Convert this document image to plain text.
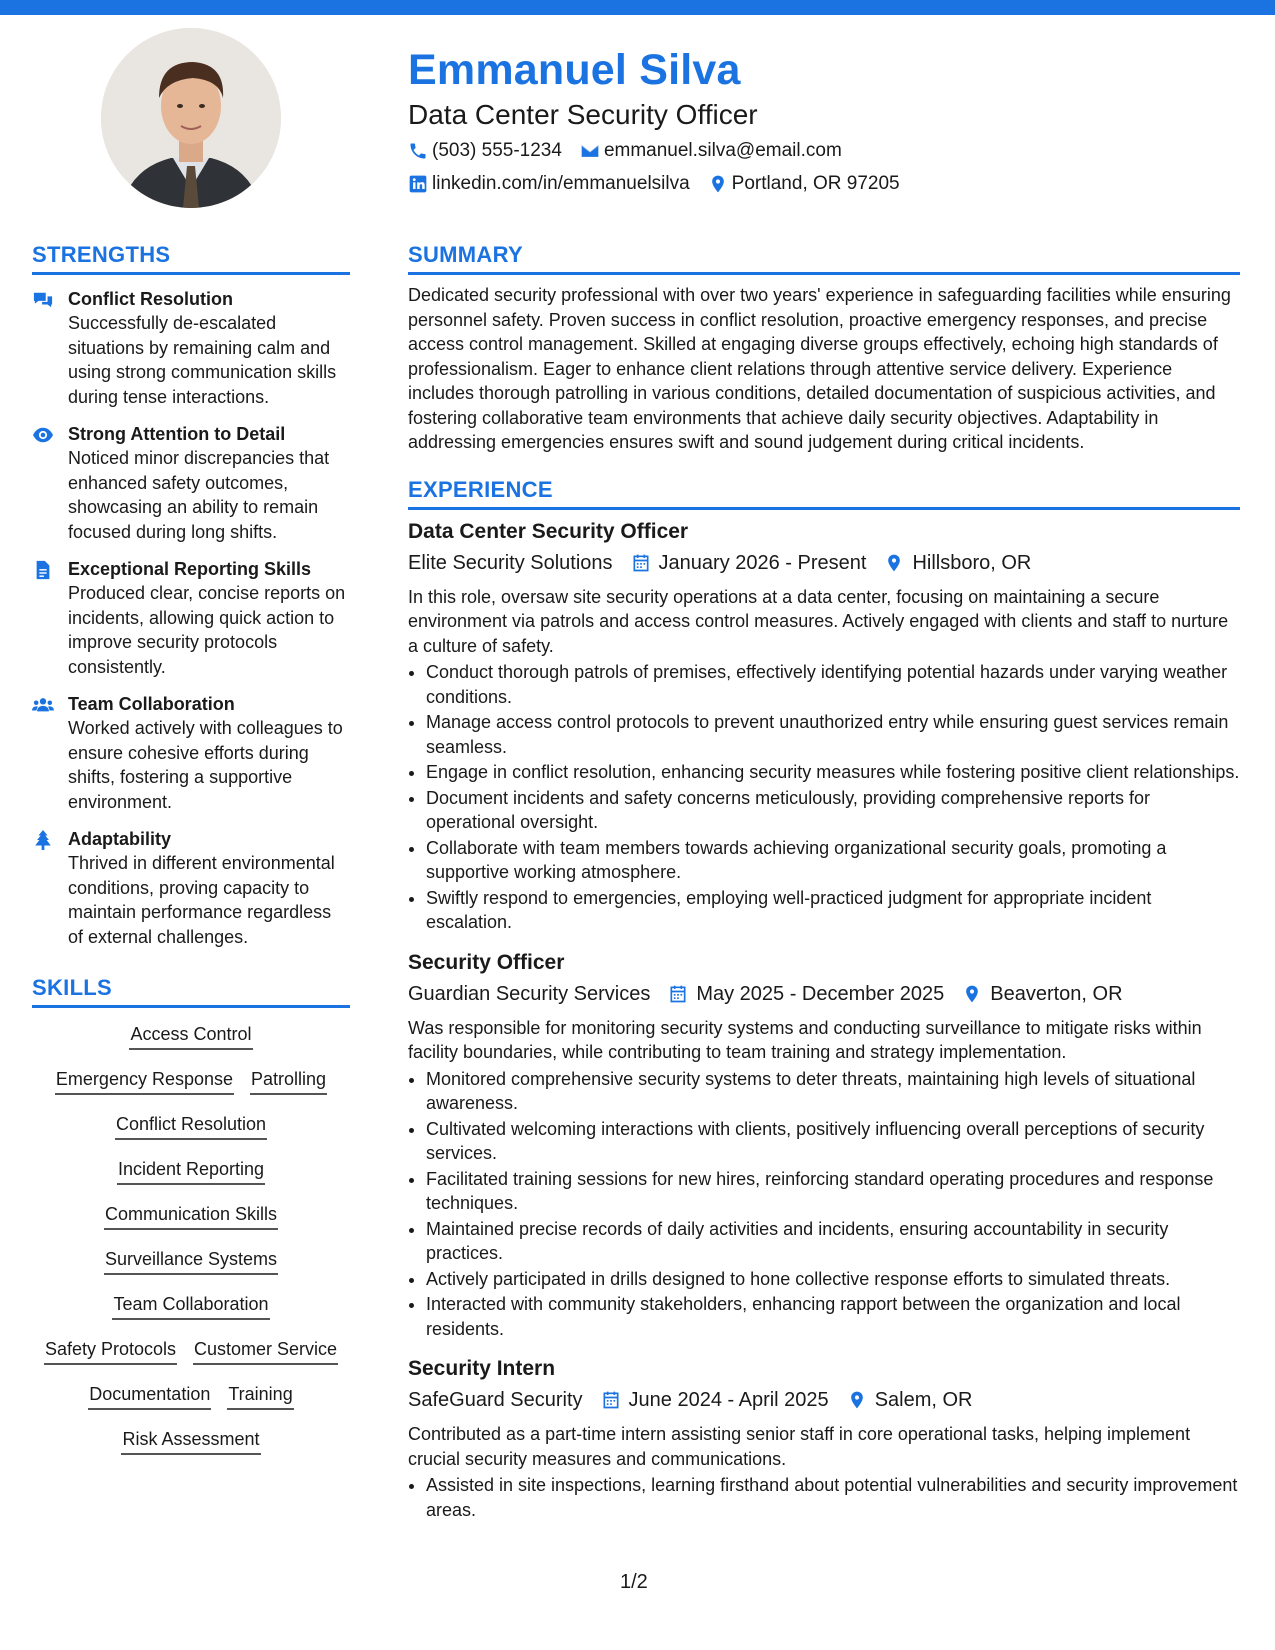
Emmanuel Silva
Data Center Security Officer
(503) 555-1234 emmanuel.silva@email.com
linkedin.com/in/emmanuelsilva Portland, OR 97205
STRENGTHS
Conflict Resolution
Successfully de-escalated situations by remaining calm and using strong communication skills during tense interactions.
Strong Attention to Detail
Noticed minor discrepancies that enhanced safety outcomes, showcasing an ability to remain focused during long shifts.
Exceptional Reporting Skills
Produced clear, concise reports on incidents, allowing quick action to improve security protocols consistently.
Team Collaboration
Worked actively with colleagues to ensure cohesive efforts during shifts, fostering a supportive environment.
Adaptability
Thrived in different environmental conditions, proving capacity to maintain performance regardless of external challenges.
SKILLS
Access Control
Emergency Response Patrolling
Conflict Resolution
Incident Reporting
Communication Skills
Surveillance Systems
Team Collaboration
Safety Protocols Customer Service
Documentation Training
Risk Assessment
SUMMARY

Dedicated security professional with over two years' experience in safeguarding facilities while ensuring personnel safety. Proven success in conflict resolution, proactive emergency responses, and precise access control management. Skilled at engaging diverse groups effectively, echoing high standards of professionalism. Eager to enhance client relations through attentive service delivery. Experience includes thorough patrolling in various conditions, detailed documentation of suspicious activities, and fostering collaborative team environments that achieve daily security objectives. Adaptability in addressing emergencies ensures swift and sound judgement during critical incidents.

EXPERIENCE
Data Center Security Officer
Elite Security Solutions January 2026 - Present Hillsboro, OR

In this role, oversaw site security operations at a data center, focusing on maintaining a secure environment via patrols and access control measures. Actively engaged with clients and staff to nurture a culture of safety.

• Conduct thorough patrols of premises, effectively identifying potential hazards under varying weather conditions.
• Manage access control protocols to prevent unauthorized entry while ensuring guest services remain seamless.
• Engage in conflict resolution, enhancing security measures while fostering positive client relationships.
• Document incidents and safety concerns meticulously, providing comprehensive reports for operational oversight.
• Collaborate with team members towards achieving organizational security goals, promoting a supportive working atmosphere.
• Swiftly respond to emergencies, employing well-practiced judgment for appropriate incident escalation.
Security Officer
Guardian Security Services May 2025 - December 2025 Beaverton, OR

Was responsible for monitoring security systems and conducting surveillance to mitigate risks within facility boundaries, while contributing to team training and strategy implementation.

• Monitored comprehensive security systems to deter threats, maintaining high levels of situational awareness.
• Cultivated welcoming interactions with clients, positively influencing overall perceptions of security services.
• Facilitated training sessions for new hires, reinforcing standard operating procedures and response techniques.
• Maintained precise records of daily activities and incidents, ensuring accountability in security practices.
• Actively participated in drills designed to hone collective response efforts to simulated threats.
• Interacted with community stakeholders, enhancing rapport between the organization and local residents.
Security Intern
SafeGuard Security June 2024 - April 2025 Salem, OR

Contributed as a part-time intern assisting senior staff in core operational tasks, helping implement crucial security measures and communications.

• Assisted in site inspections, learning firsthand about potential vulnerabilities and security improvement areas.
1/2
